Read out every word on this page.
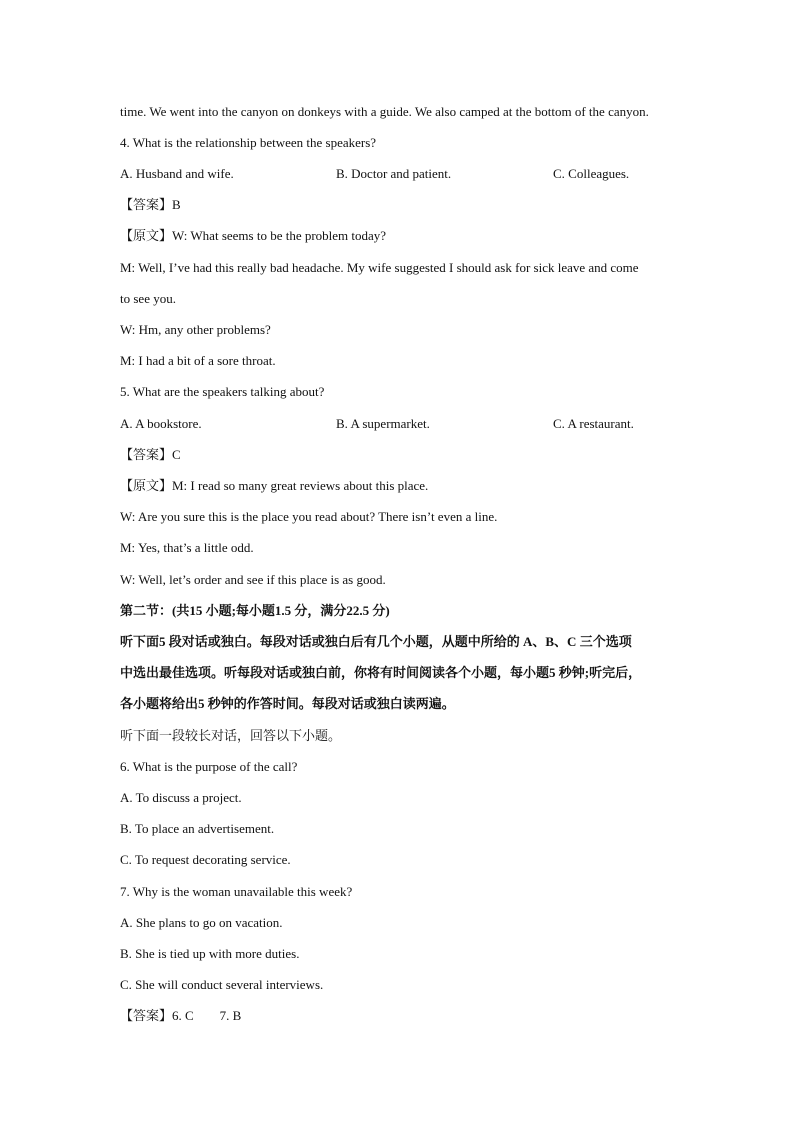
time. We went into the canyon on donkeys with a guide. We also camped at the bottom of the canyon.
4. What is the relationship between the speakers?
A. Husband and wife.	B. Doctor and patient.	C. Colleagues.
【答案】B
【原文】W: What seems to be the problem today?
M: Well, I’ve had this really bad headache. My wife suggested I should ask for sick leave and come
to see you.
W: Hm, any other problems?
M: I had a bit of a sore throat.
5. What are the speakers talking about?
A. A bookstore.	B. A supermarket.	C. A restaurant.
【答案】C
【原文】M: I read so many great reviews about this place.
W: Are you sure this is the place you read about? There isn’t even a line.
M: Yes, that’s a little odd.
W: Well, let’s order and see if this place is as good.
第二节：(共15 小题;每小题1.5 分，满分22.5 分)
听下面5 段对话或独白。每段对话或独白后有几个小题，从题中所给的 A、B、C 三个选项
中选出最佳选项。听每段对话或独白前，你将有时间阅读各个小题，每小题5 秒钟;听完后，
各小题将给出5 秒钟的作答时间。每段对话或独白读两遍。
听下面一段较长对话，回答以下小题。
6. What is the purpose of the call?
A. To discuss a project.
B. To place an advertisement.
C. To request decorating service.
7. Why is the woman unavailable this week?
A. She plans to go on vacation.
B. She is tied up with more duties.
C. She will conduct several interviews.
【答案】6. C        7. B
